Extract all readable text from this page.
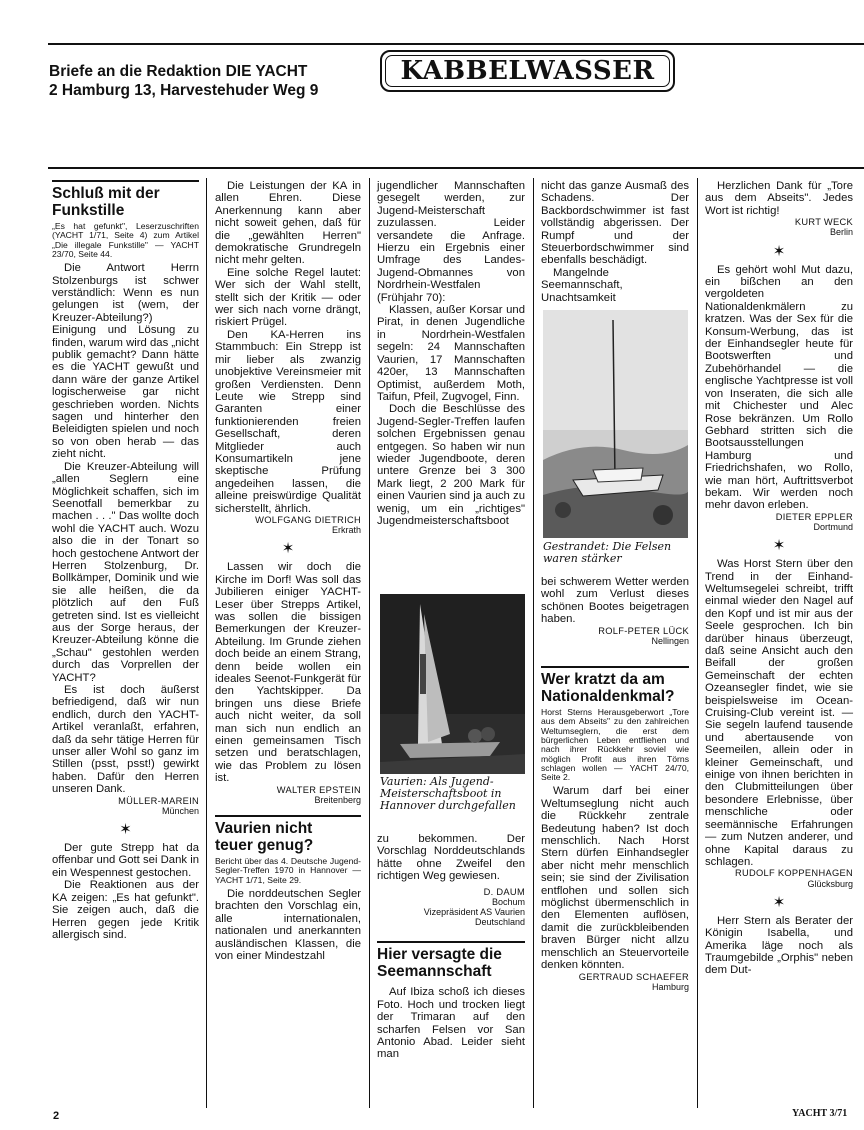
Briefe an die Redaktion DIE YACHT
2 Hamburg 13, Harvestehuder Weg 9
KABBELWASSER

Schluß mit der

Funkstille

„Es hat gefunkt", Leserzuschriften (YACHT 1/71, Seite 4) zum Artikel „Die illegale Funkstille" — YACHT 23/70, Seite 44.

Die Antwort Herrn Stolzenburgs ist schwer verständlich: Wenn es nun gelungen ist (wem, der Kreuzer-Abteilung?) Einigung und Lösung zu finden, warum wird das „nicht publik gemacht? Dann hätte es die YACHT gewußt und dann wäre der ganze Artikel logischerweise gar nicht geschrieben worden. Nichts sagen und hinterher den Beleidigten spielen und noch so von oben herab — das zieht nicht.

Die Kreuzer-Abteilung will „allen Seglern eine Möglichkeit schaffen, sich im Seenotfall bemerkbar zu machen . . ." Das wollte doch wohl die YACHT auch. Wozu also die in der Tonart so hoch gestochene Antwort der Herren Stolzenburg, Dr. Bollkämper, Dominik und wie sie alle heißen, die da plötzlich auf den Fuß getreten sind. Ist es vielleicht aus der Sorge heraus, der Kreuzer-Abteilung könne die „Schau" gestohlen werden durch das Vorprellen der YACHT?

Es ist doch äußerst befriedigend, daß wir nun endlich, durch den YACHT-Artikel veranlaßt, erfahren, daß da sehr tätige Herren für unser aller Wohl so ganz im Stillen (psst, psst!) gewirkt haben. Dafür den Herren unseren Dank.

MÜLLER-MAREIN
München

✶

Der gute Strepp hat da offenbar und Gott sei Dank in ein Wespennest gestochen.

Die Reaktionen aus der KA zeigen: „Es hat gefunkt". Sie zeigen auch, daß die Herren gegen jede Kritik allergisch sind.

Die Leistungen der KA in allen Ehren. Diese Anerkennung kann aber nicht soweit gehen, daß für die „gewählten Herren" demokratische Grundregeln nicht mehr gelten.

Eine solche Regel lautet: Wer sich der Wahl stellt, stellt sich der Kritik — oder wer sich nach vorne drängt, riskiert Prügel.

Den KA-Herren ins Stammbuch: Ein Strepp ist mir lieber als zwanzig unobjektive Vereinsmeier mit großen Verdiensten. Denn Leute wie Strepp sind Garanten einer funktionierenden freien Gesellschaft, deren Mitglieder auch Konsumartikeln jene skeptische Prüfung angedeihen lassen, die alleine preiswürdige Qualität sicherstellt, ährlich.

WOLFGANG DIETRICH
Erkrath

✶

Lassen wir doch die Kirche im Dorf! Was soll das Jubilieren einiger YACHT-Leser über Strepps Artikel, was sollen die bissigen Bemerkungen der Kreuzer-Abteilung. Im Grunde ziehen doch beide an einem Strang, denn beide wollen ein ideales Seenot-Funkgerät für den Yachtskipper. Da bringen uns diese Briefe auch nicht weiter, da soll man sich nun endlich an einen gemeinsamen Tisch setzen und beratschlagen, wie das Problem zu lösen ist.

WALTER EPSTEIN
Breitenberg

Vaurien nicht

teuer genug?

Bericht über das 4. Deutsche Jugend-Segler-Treffen 1970 in Hannover — YACHT 1/71, Seite 29.

Die norddeutschen Segler brachten den Vorschlag ein, alle internationalen, nationalen und anerkannten ausländischen Klassen, die von einer Mindestzahl

jugendlicher Mannschaften gesegelt werden, zur Jugend-Meisterschaft zuzulassen. Leider versandete die Anfrage. Hierzu ein Ergebnis einer Umfrage des Landes-Jugend-Obmannes von Nordrhein-Westfalen (Frühjahr 70):

Klassen, außer Korsar und Pirat, in denen Jugendliche in Nordrhein-Westfalen segeln: 24 Mannschaften Vaurien, 17 Mannschaften 420er, 13 Mannschaften Optimist, außerdem Moth, Taifun, Pfeil, Zugvogel, Finn.

Doch die Beschlüsse des Jugend-Segler-Treffen laufen solchen Ergebnissen genau entgegen. So haben wir nun wieder Jugendboote, deren untere Grenze bei 3 300 Mark liegt, 2 200 Mark für einen Vaurien sind ja auch zu wenig, um ein „richtiges" Jugendmeisterschaftsboot

Vaurien: Als Jugend-Meisterschaftsboot in Hannover durchgefallen

zu bekommen. Der Vorschlag Norddeutschlands hätte ohne Zweifel den richtigen Weg gewiesen.

D. DAUM
Bochum
Vizepräsident AS Vaurien
Deutschland

Hier versagte die

Seemannschaft

Auf Ibiza schoß ich dieses Foto. Hoch und trocken liegt der Trimaran auf den scharfen Felsen vor San Antonio Abad. Leider sieht man

nicht das ganze Ausmaß des Schadens. Der Backbordschwimmer ist fast vollständig abgerissen. Der Rumpf und der Steuerbordschwimmer sind ebenfalls beschädigt.

Mangelnde Seemannschaft, Unachtsamkeit

Gestrandet: Die Felsen waren stärker

bei schwerem Wetter werden wohl zum Verlust dieses schönen Bootes beigetragen haben.

ROLF-PETER LÜCK
Nellingen

Wer kratzt da am

Nationaldenkmal?

Horst Sterns Herausgeberwort „Tore aus dem Abseits" zu den zahlreichen Weltumseglern, die erst dem bürgerlichen Leben entfliehen und nach ihrer Rückkehr soviel wie möglich Profit aus ihren Törns schlagen wollen — YACHT 24/70, Seite 2.

Warum darf bei einer Weltumseglung nicht auch die Rückkehr zentrale Bedeutung haben? Ist doch menschlich. Nach Horst Stern dürfen Einhandsegler aber nicht mehr menschlich sein; sie sind der Zivilisation entflohen und sollen sich möglichst übermenschlich in den Elementen auflösen, damit die zurückbleibenden braven Bürger nicht allzu menschlich an Steuervorteile denken könnten.

GERTRAUD SCHAEFER
Hamburg

Herzlichen Dank für „Tore aus dem Abseits". Jedes Wort ist richtig!

KURT WECK
Berlin

✶

Es gehört wohl Mut dazu, ein bißchen an den vergoldeten Nationaldenkmälern zu kratzen. Was der Sex für die Konsum-Werbung, das ist der Einhandsegler heute für Bootswerften und Zubehörhandel — die englische Yachtpresse ist voll von Inseraten, die sich alle mit Chichester und Alec Rose bekränzen. Um Rollo Gebhard stritten sich die Bootsausstellungen Hamburg und Friedrichshafen, wo Rollo, wie man hört, Auftrittsverbot bekam. Wir werden noch mehr davon erleben.

DIETER EPPLER
Dortmund

✶

Was Horst Stern über den Trend in der Einhand-Weltumsegelei schreibt, trifft einmal wieder den Nagel auf den Kopf und ist mir aus der Seele gesprochen. Ich bin darüber hinaus überzeugt, daß seine Ansicht auch den Beifall der großen Gemeinschaft der echten Ozeansegler findet, wie sie beispielsweise im Ocean-Cruising-Club vereint ist. — Sie segeln laufend tausende und abertausende von Seemeilen, allein oder in kleiner Gemeinschaft, und einige von ihnen berichten in den Clubmitteilungen über besondere Erlebnisse, über menschliche oder seemännische Erfahrungen — zum Nutzen anderer, und ohne Kapital daraus zu schlagen.

RUDOLF KOPPENHAGEN
Glücksburg

✶

Herr Stern als Berater der Königin Isabella, und Amerika läge noch als Traumgebilde „Orphis" neben dem Dut-

2	YACHT 3/71
